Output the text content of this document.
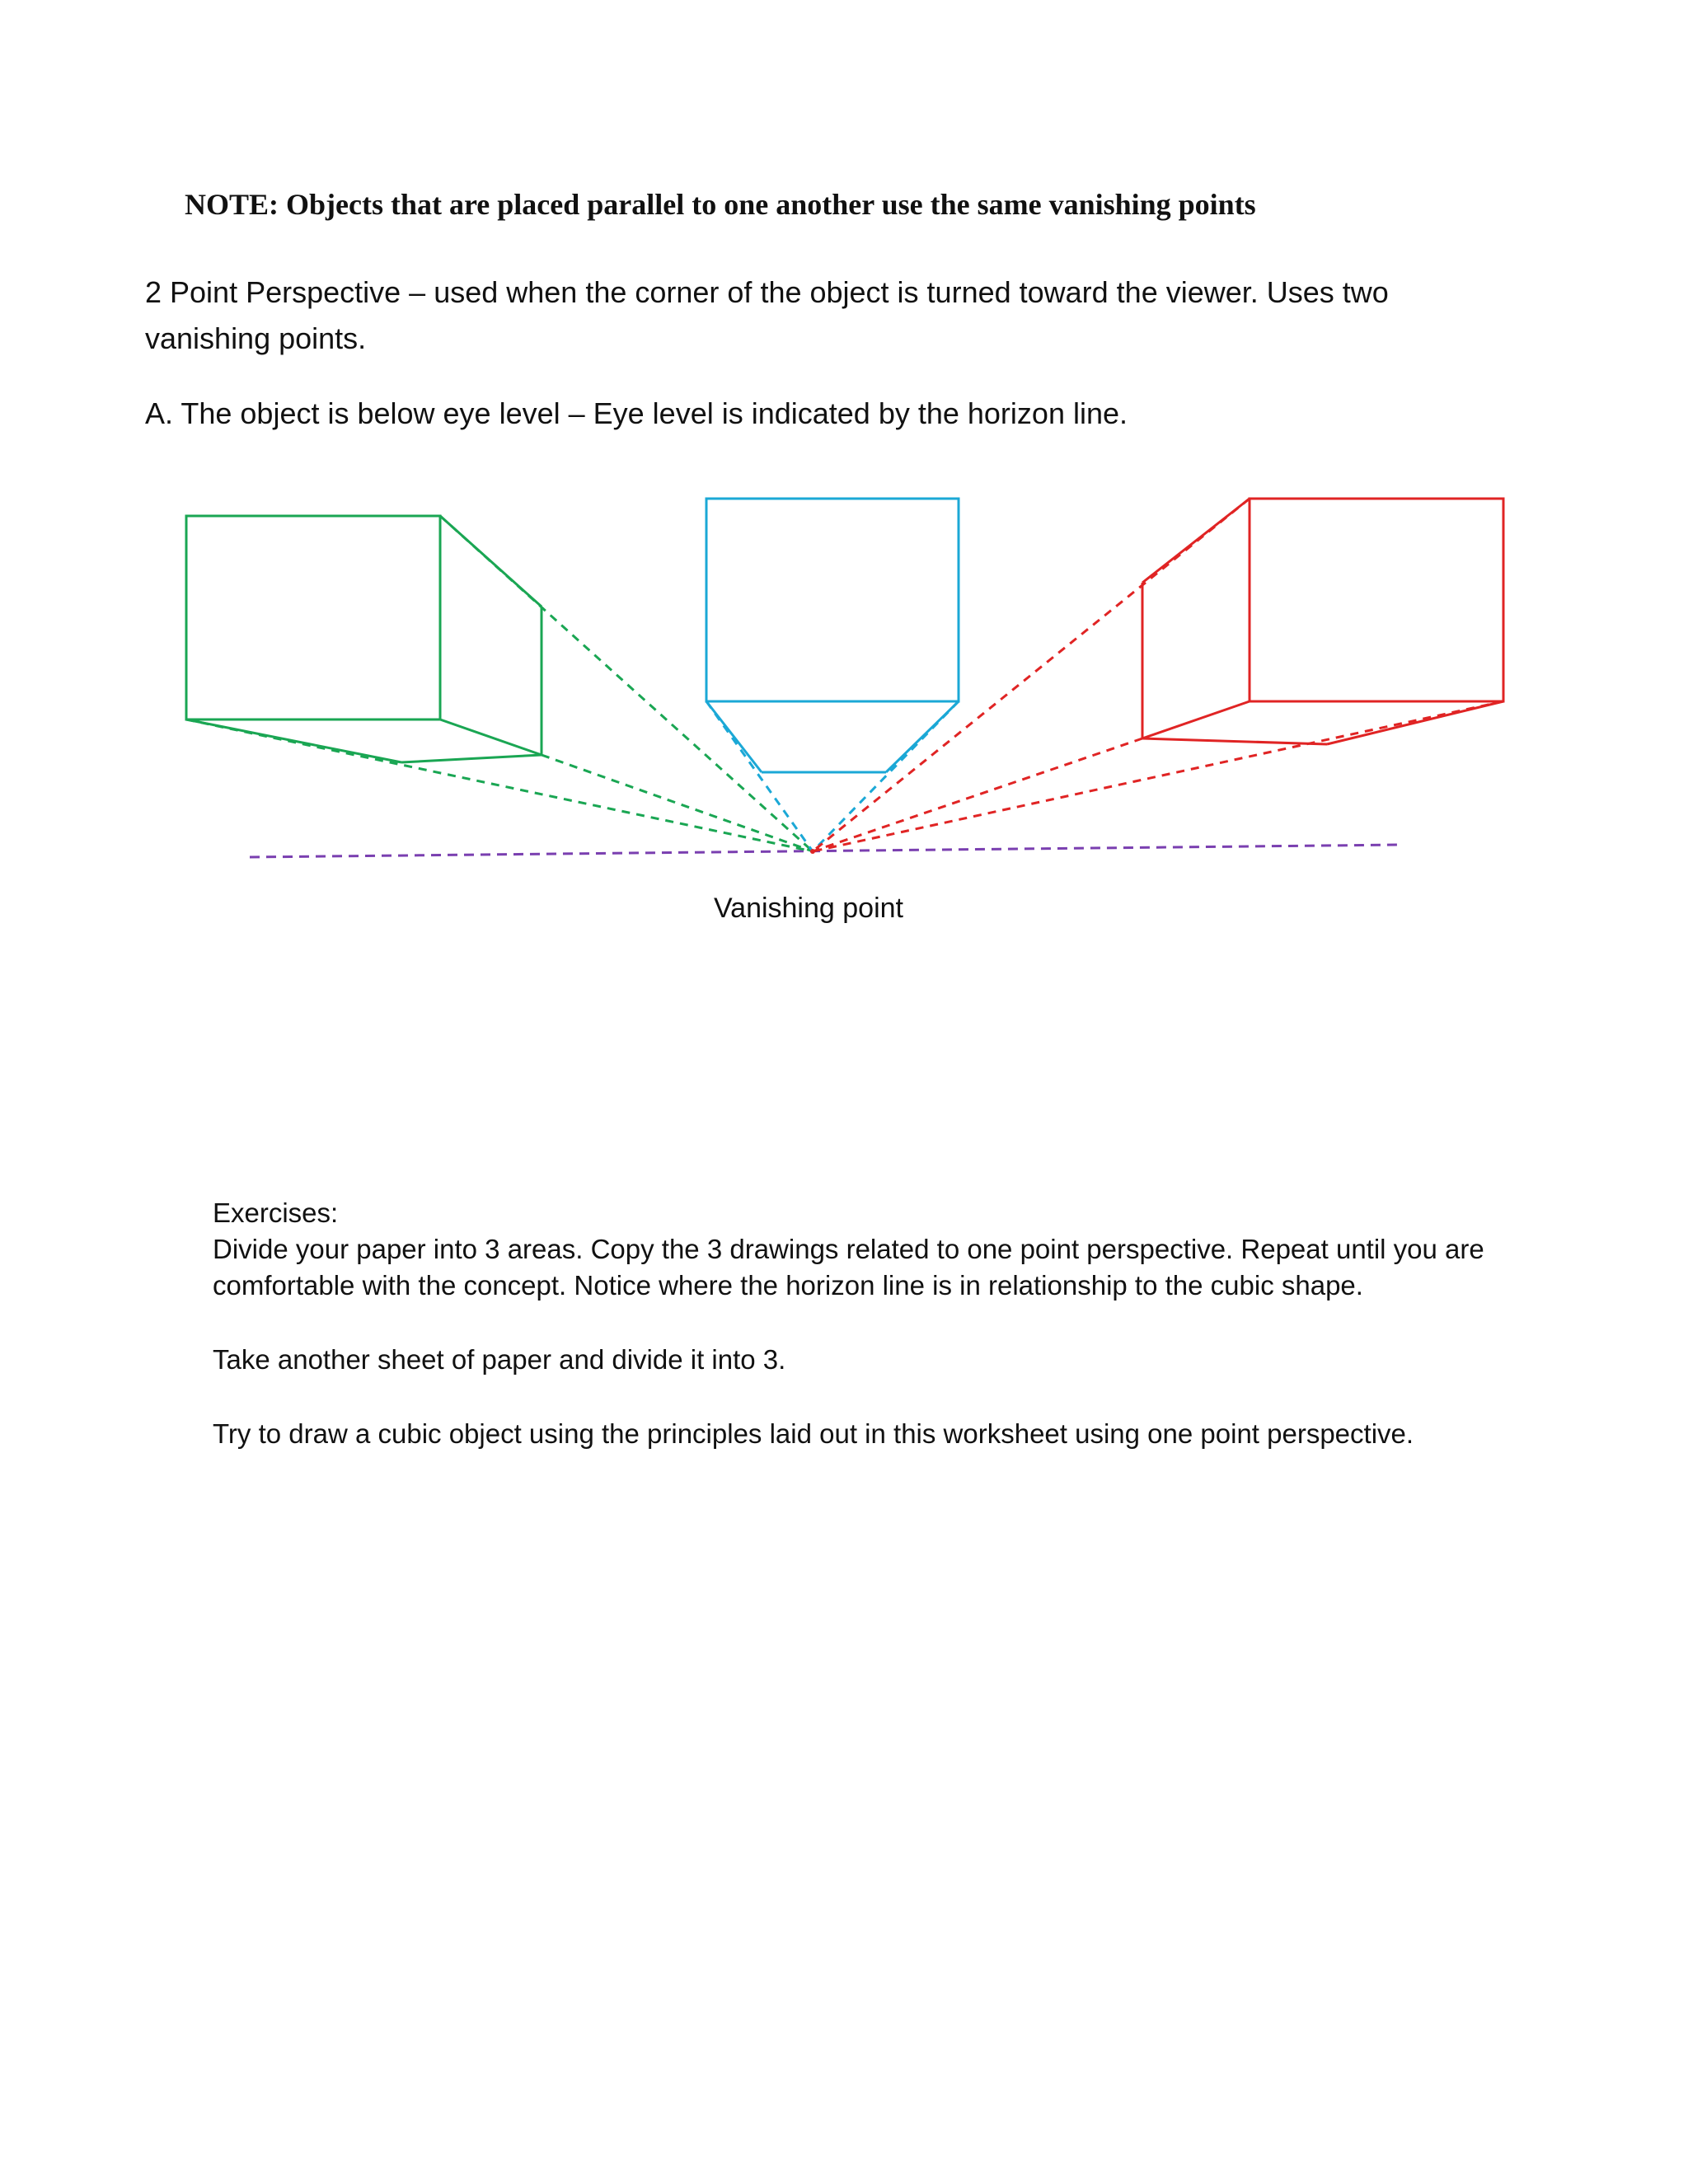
NOTE: Objects that are placed parallel to one another use the same vanishing points

2 Point Perspective – used when the corner of the object is turned toward the viewer. Uses two vanishing points.

A. The object is below eye level – Eye level is indicated by the horizon line.

Vanishing point

Exercises:

Divide your paper into 3 areas. Copy the 3 drawings related to one point perspective. Repeat until you are comfortable with the concept. Notice where the horizon line is in relationship to the cubic shape.

Take another sheet of paper and divide it into 3.

Try to draw a cubic object using the principles laid out in this worksheet using one point perspective.
